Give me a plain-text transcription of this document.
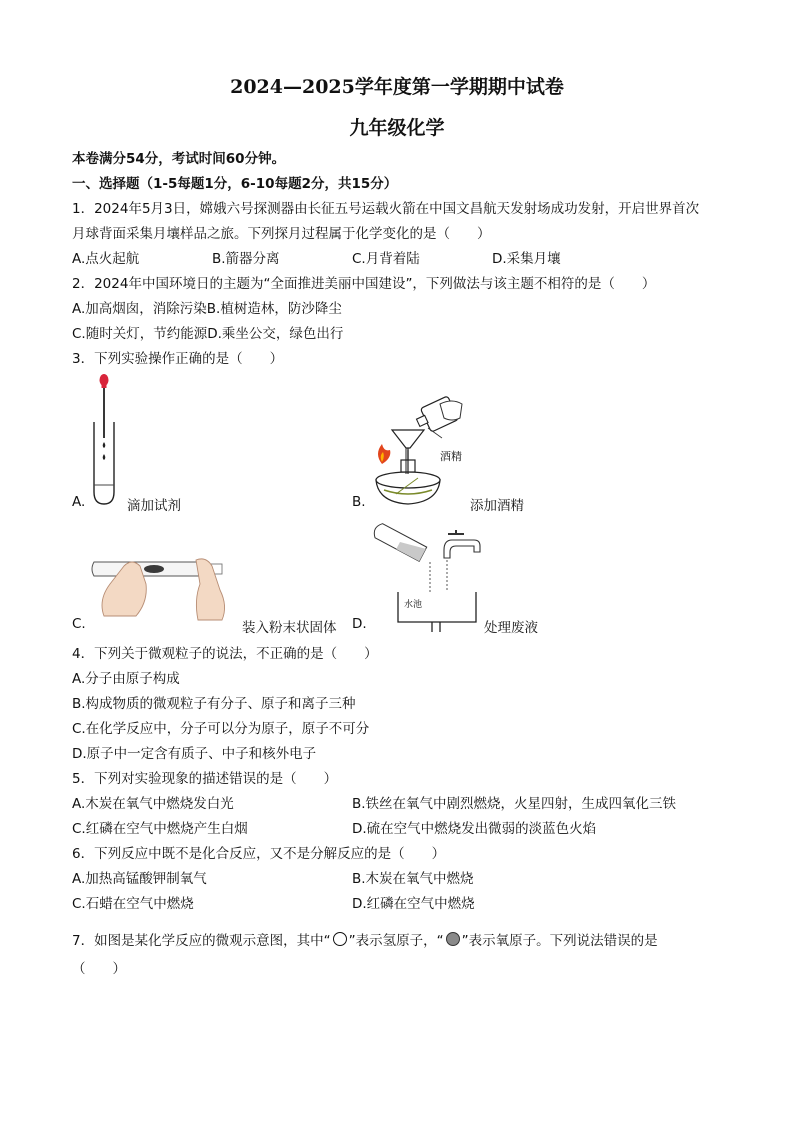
2024—2025学年度第一学期期中试卷
九年级化学
本卷满分54分，考试时间60分钟。
一、选择题（1-5每题1分，6-10每题2分，共15分）
1．2024年5月3日，嫦娥六号探测器由长征五号运载火箭在中国文昌航天发射场成功发射，开启世界首次
月球背面采集月壤样品之旅。下列探月过程属于化学变化的是（　　）
A.点火起航	B.箭器分离	C.月背着陆	D.采集月壤
2．2024年中国环境日的主题为“全面推进美丽中国建设”，下列做法与该主题不相符的是（　　）
A.加高烟囱，消除污染B.植树造林，防沙降尘
C.随时关灯，节约能源D.乘坐公交，绿色出行
3．下列实验操作正确的是（　　）
A.	滴加试剂
酒精
B.	添加酒精
C.	装入粉末状固体
水池
D.	处理废液
4．下列关于微观粒子的说法，不正确的是（　　）
A.分子由原子构成
B.构成物质的微观粒子有分子、原子和离子三种
C.在化学反应中，分子可以分为原子，原子不可分
D.原子中一定含有质子、中子和核外电子
5．下列对实验现象的描述错误的是（　　）
A.木炭在氧气中燃烧发白光	B.铁丝在氧气中剧烈燃烧，火星四射，生成四氧化三铁
C.红磷在空气中燃烧产生白烟	D.硫在空气中燃烧发出微弱的淡蓝色火焰
6．下列反应中既不是化合反应，又不是分解反应的是（　　）
A.加热高锰酸钾制氧气	B.木炭在氧气中燃烧
C.石蜡在空气中燃烧	D.红磷在空气中燃烧
7．如图是某化学反应的微观示意图，其中“ ”表示氢原子，“ ”表示氧原子。下列说法错误的是
（　　）
